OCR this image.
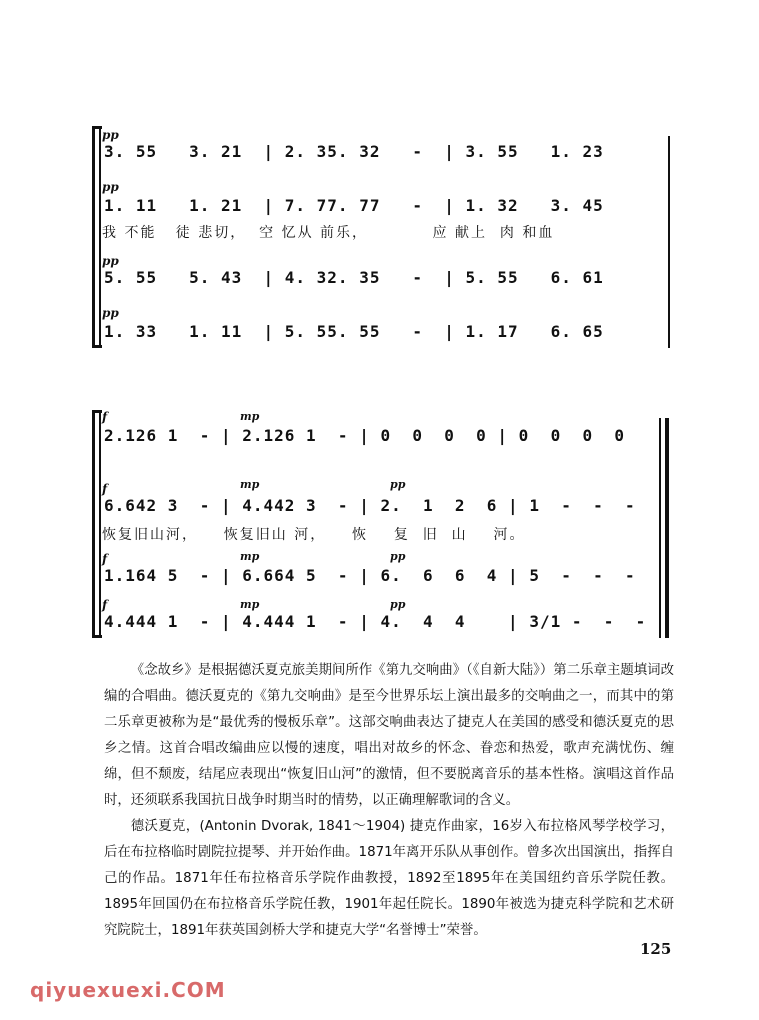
pp
3. 55   3. 21  | 2. 35. 32   -  | 3. 55   1. 23
pp
1. 11   1. 21  | 7. 77. 77   -  | 1. 32   3. 45
我 不能   徒 悲切，  空 忆从 前乐，          应 献上  肉 和血
pp
5. 55   5. 43  | 4. 32. 35   -  | 5. 55   6. 61
pp
1. 33   1. 11  | 5. 55. 55   -  | 1. 17   6. 65
f	mp
2.126 1  - | 2.126 1  - | 0  0  0  0 | 0  0  0  0
f	mp	pp
6.642 3  - | 4.442 3  - | 2.  1  2  6 | 1  -  -  -
恢复旧山河，    恢复旧山 河，    恢    复  旧  山    河。
f	mp	pp
1.164 5  - | 6.664 5  - | 6.  6  6  4 | 5  -  -  -
f	mp	pp
4.444 1  - | 4.444 1  - | 4.  4  4    | 3/1 -  -  -

《念故乡》是根据德沃夏克旅美期间所作《第九交响曲》（《自新大陆》）第二乐章主题填词改编的合唱曲。德沃夏克的《第九交响曲》是至今世界乐坛上演出最多的交响曲之一，而其中的第二乐章更被称为是“最优秀的慢板乐章”。这部交响曲表达了捷克人在美国的感受和德沃夏克的思乡之情。这首合唱改编曲应以慢的速度，唱出对故乡的怀念、眷恋和热爱，歌声充满忧伤、缠绵，但不颓废，结尾应表现出“恢复旧山河”的激情，但不要脱离音乐的基本性格。演唱这首作品时，还须联系我国抗日战争时期当时的情势，以正确理解歌词的含义。

德沃夏克，(Antonin Dvorak, 1841～1904) 捷克作曲家，16岁入布拉格风琴学校学习，后在布拉格临时剧院拉提琴、并开始作曲。1871年离开乐队从事创作。曾多次出国演出，指挥自己的作品。1871年任布拉格音乐学院作曲教授，1892至1895年在美国纽约音乐学院任教。1895年回国仍在布拉格音乐学院任教，1901年起任院长。1890年被选为捷克科学院和艺术研究院院士，1891年获英国剑桥大学和捷克大学“名誉博士”荣誉。

125
qiyuexuexi.COM
